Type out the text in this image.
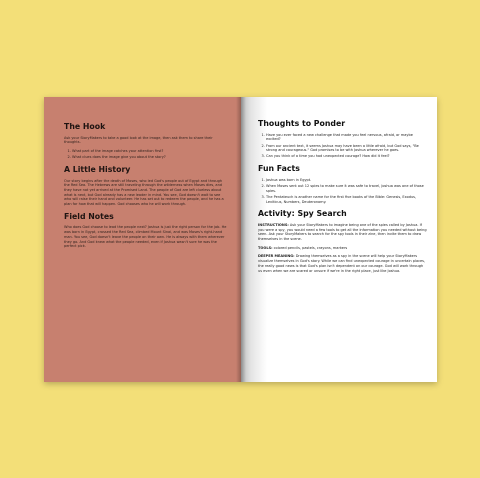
The Hook

Ask your StoryMakers to take a good look at the image, then ask them to share their thoughts.

1. What part of the image catches your attention first?
2. What clues does the image give you about the story?
A Little History

Our story begins after the death of Moses, who led God's people out of Egypt and through the Red Sea. The Hebrews are still traveling through the wilderness when Moses dies, and they have not yet arrived at the Promised Land. The people of God are left clueless about what is next, but God already has a new leader in mind. You see, God doesn't wait to see who will raise their hand and volunteer. He has set out to redeem the people, and he has a plan for how that will happen. God chooses who he will work through.

Field Notes

Who does God choose to lead the people next? Joshua is just the right person for the job. He was born in Egypt, crossed the Red Sea, climbed Mount Sinai, and was Moses's right-hand man. You see, God doesn't leave the people on their own. He is always with them wherever they go. And God knew what the people needed, even if Joshua wasn't sure he was the perfect pick.

Thoughts to Ponder
1. Have you ever faced a new challenge that made you feel nervous, afraid, or maybe excited?
2. From our ancient text, it seems Joshua may have been a little afraid, but God says, "Be strong and courageous." God promises to be with Joshua wherever he goes.
3. Can you think of a time you had unexpected courage? How did it feel?
Fun Facts
1. Joshua was born in Egypt.
2. When Moses sent out 12 spies to make sure it was safe to travel, Joshua was one of those spies.
3. The Pentateuch is another name for the first five books of the Bible: Genesis, Exodus, Leviticus, Numbers, Deuteronomy.
Activity: Spy Search

INSTRUCTIONS: Ask your StoryMakers to imagine being one of the spies called by Joshua. If you were a spy, you would need a few tools to get all the information you needed without being seen. Ask your StoryMakers to search for the spy tools in their zine, then invite them to draw themselves in the scene.

TOOLS: colored pencils, pastels, crayons, markers

DEEPER MEANING: Drawing themselves as a spy in the scene will help your StoryMakers visualize themselves in God's story. While we can find unexpected courage in uncertain places, the really good news is that God's plan isn't dependent on our courage. God will work through us even when we are scared or unsure if we're in the right place, just like Joshua.
